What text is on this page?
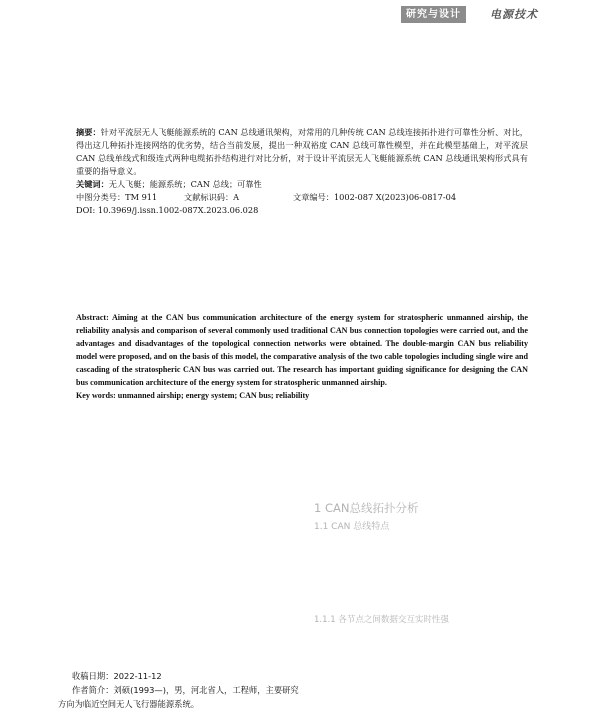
研究与设计	电源技术

摘要：针对平流层无人飞艇能源系统的 CAN 总线通讯架构，对常用的几种传统 CAN 总线连接拓扑进行可靠性分析、对比，得出这几种拓扑连接网络的优劣势，结合当前发展，提出一种双裕度 CAN 总线可靠性模型，并在此模型基础上，对平流层 CAN 总线单线式和级连式两种电缆拓扑结构进行对比分析，对于设计平流层无人飞艇能源系统 CAN 总线通讯架构形式具有重要的指导意义。

关键词：无人飞艇；能源系统；CAN 总线；可靠性

中图分类号：TM 911	文献标识码：A	文章编号：1002-087 X(2023)06-0817-04

DOI: 10.3969/j.issn.1002-087X.2023.06.028

Abstract: Aiming at the CAN bus communication architecture of the energy system for stratospheric unmanned airship, the reliability analysis and comparison of several commonly used traditional CAN bus connection topologies were carried out, and the advantages and disadvantages of the topological connection networks were obtained. The double-margin CAN bus reliability model were proposed, and on the basis of this model, the comparative analysis of the two cable topologies including single wire and cascading of the stratospheric CAN bus was carried out. The research has important guiding significance for designing the CAN bus communication architecture of the energy system for stratospheric unmanned airship.

Key words: unmanned airship; energy system; CAN bus; reliability

1 CAN总线拓扑分析
1.1 CAN 总线特点
1.1.1 各节点之间数据交互实时性强

收稿日期：2022-11-12

作者简介：刘硕(1993—)，男，河北省人，工程师，主要研究

方向为临近空间无人飞行器能源系统。
